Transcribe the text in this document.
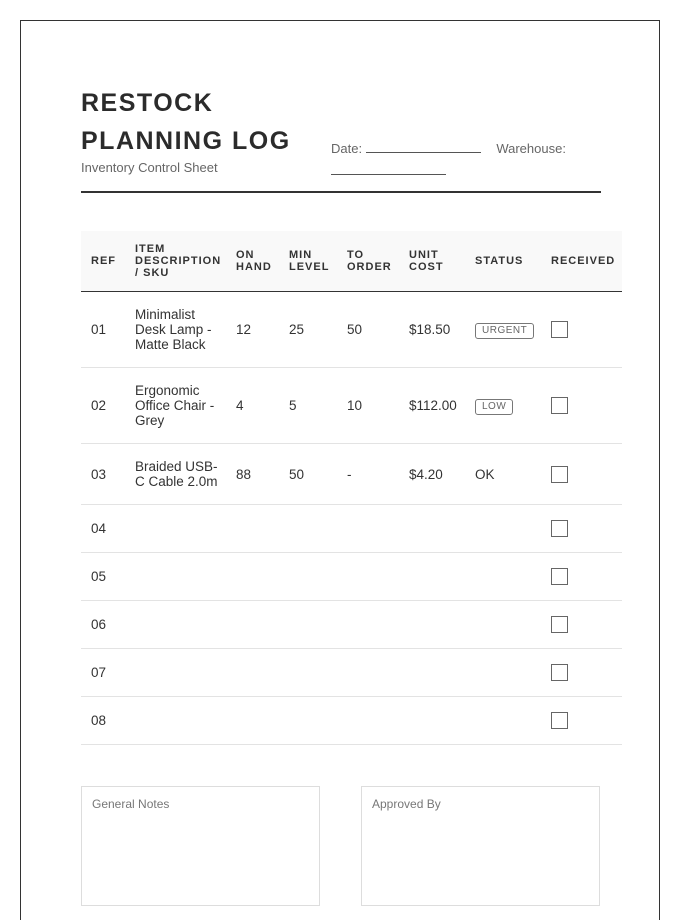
RESTOCK
PLANNING LOG
Inventory Control Sheet
Date:	Warehouse:

REF	ITEM DESCRIPTION / SKU	ON HAND	MIN LEVEL	TO ORDER	UNIT COST	STATUS	RECEIVED
01	Minimalist Desk Lamp - Matte Black	12	25	50	$18.50	URGENT	
02	Ergonomic Office Chair - Grey	4	5	10	$112.00	LOW	
03	Braided USB-C Cable 2.0m	88	50	-	$4.20	OK	
04							
05							
06							
07							
08							
General Notes	Approved By
